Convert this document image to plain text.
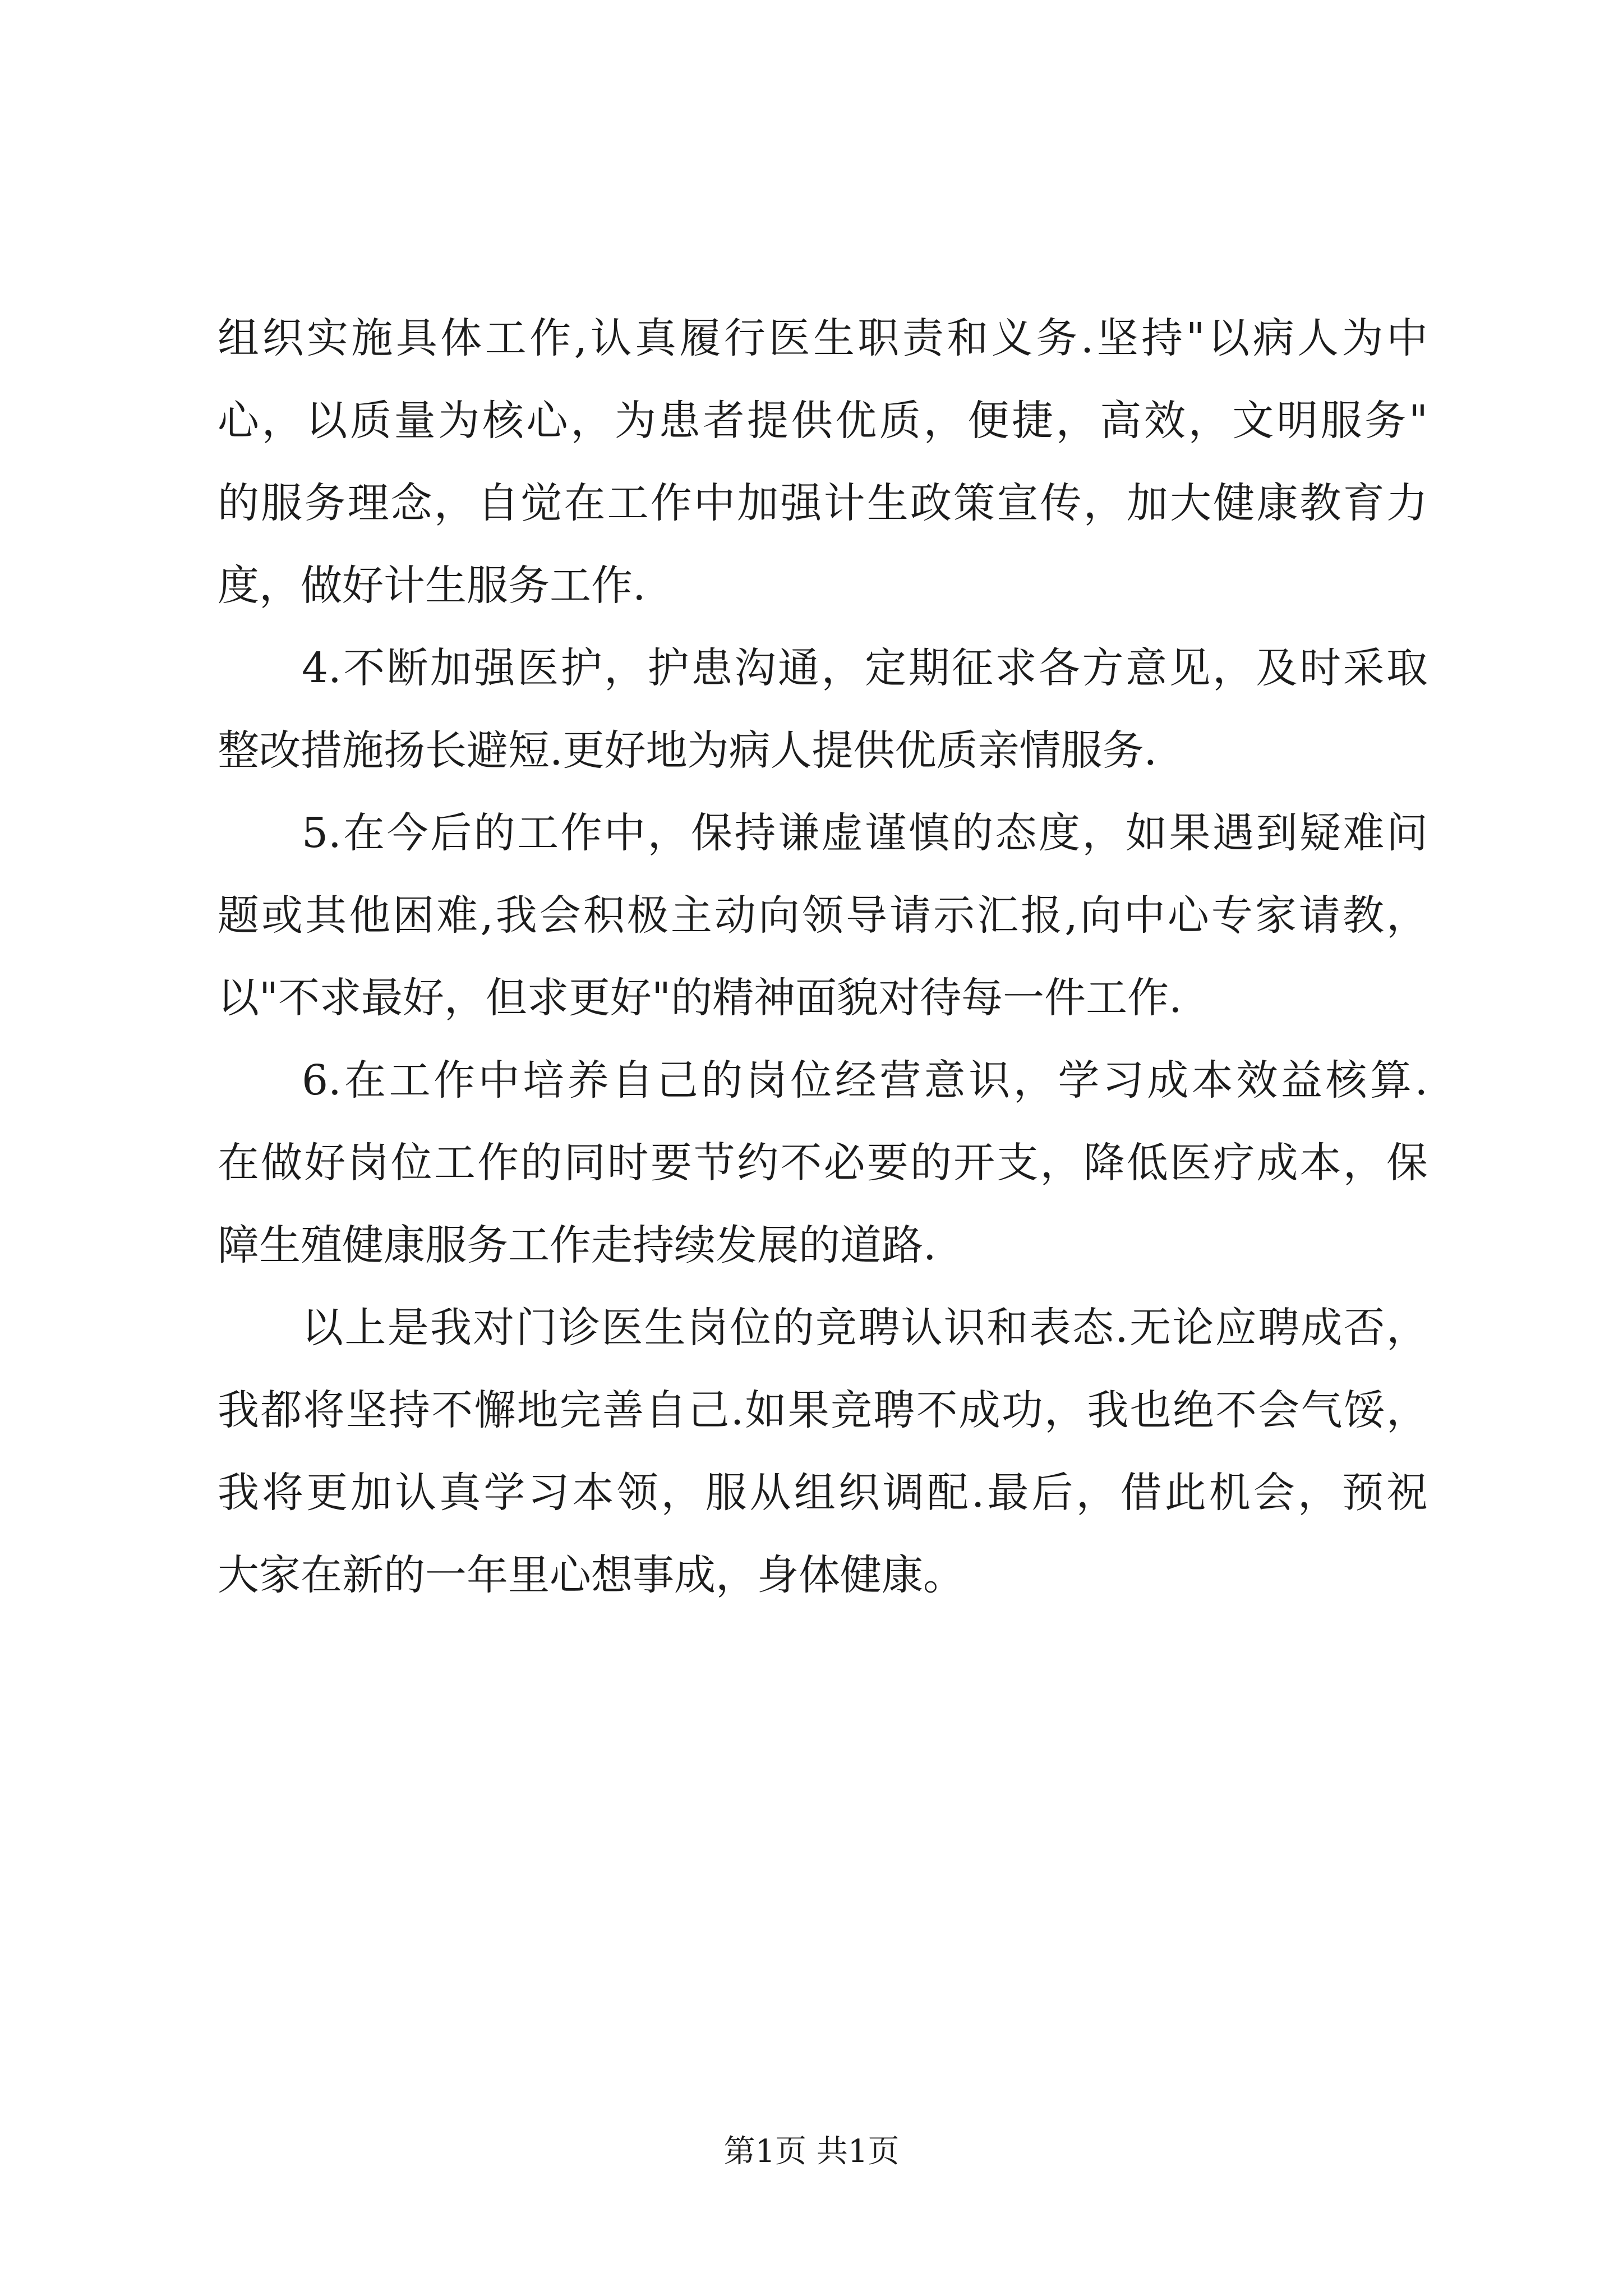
组织实施具体工作,认真履行医生职责和义务.坚持"以病人为中
心，以质量为核心，为患者提供优质，便捷，高效，文明服务"
的服务理念，自觉在工作中加强计生政策宣传，加大健康教育力
度，做好计生服务工作.
4.不断加强医护，护患沟通，定期征求各方意见，及时采取
整改措施扬长避短.更好地为病人提供优质亲情服务.
5.在今后的工作中，保持谦虚谨慎的态度，如果遇到疑难问
题或其他困难,我会积极主动向领导请示汇报,向中心专家请教，
以"不求最好，但求更好"的精神面貌对待每一件工作.
6.在工作中培养自己的岗位经营意识，学习成本效益核算.
在做好岗位工作的同时要节约不必要的开支，降低医疗成本，保
障生殖健康服务工作走持续发展的道路.
以上是我对门诊医生岗位的竞聘认识和表态.无论应聘成否，
我都将坚持不懈地完善自己.如果竞聘不成功，我也绝不会气馁，
我将更加认真学习本领，服从组织调配.最后，借此机会，预祝
大家在新的一年里心想事成，身体健康。
第1页 共1页
